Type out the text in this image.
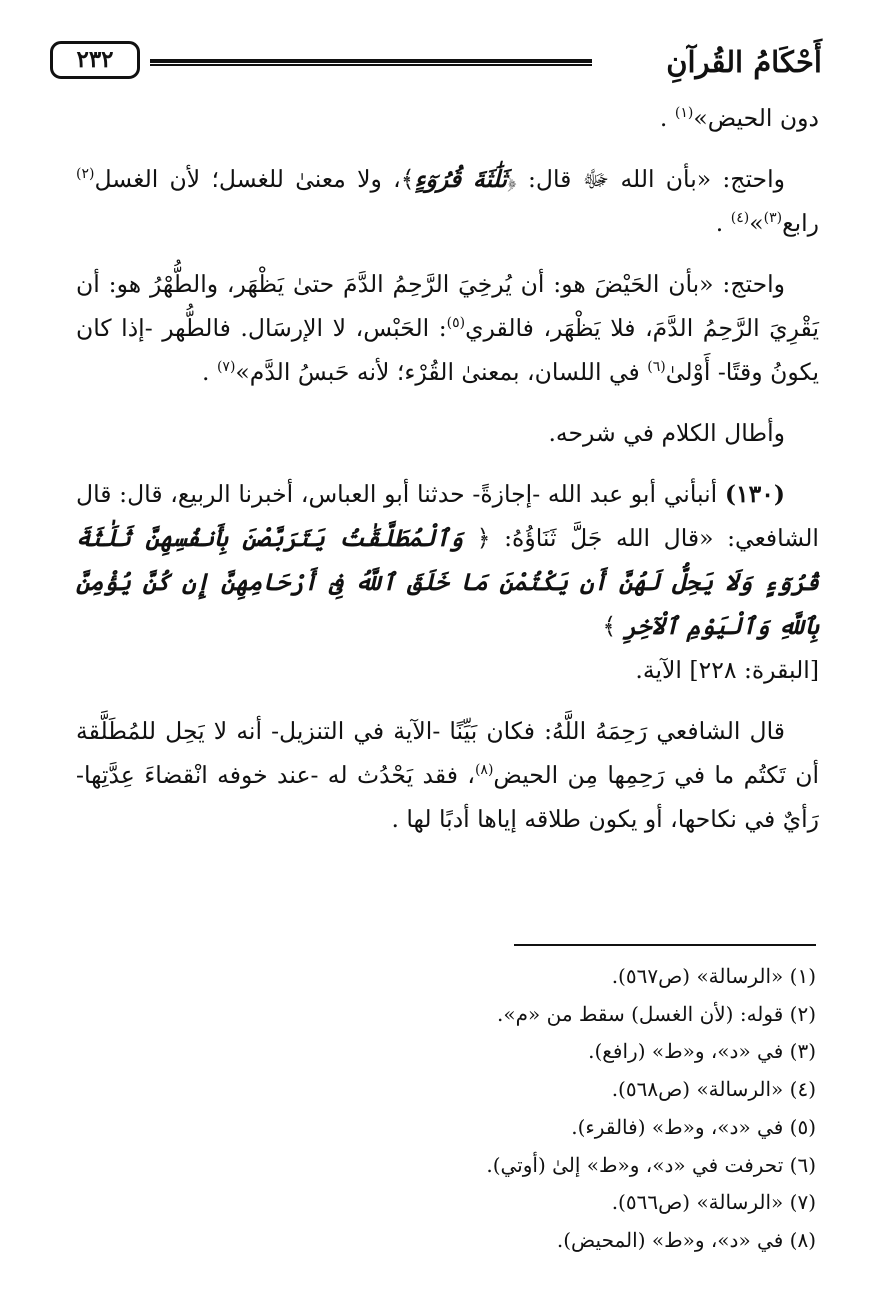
أَحْكَامُ القُرآنِ
٢٣٢

دون الحيض»$^{(١)}$ .

واحتج: «بأن الله ﷻ قال: ﴿ثَلَٰثَةَ قُرُوٓءٍ﴾، ولا معنىٰ للغسل؛ لأن الغسل$^{(٢)}$ رابع$^{(٣)}$»$^{(٤)}$ .

واحتج: «بأن الحَيْضَ هو: أن يُرخِيَ الرَّحِمُ الدَّمَ حتىٰ يَظْهَر، والطُّهْرُ هو: أن يَقْرِيَ الرَّحِمُ الدَّمَ، فلا يَظْهَر، فالقري$^{(٥)}$: الحَبْس، لا الإرسَال. فالطُّهر -إذا كان يكونُ وقتًا- أَوْلىٰ$^{(٦)}$ في اللسان، بمعنىٰ القُرْء؛ لأنه حَبسُ الدَّم»$^{(٧)}$ .

وأطال الكلام في شرحه.

(١٣٠) أنبأني أبو عبد الله -إجازةً- حدثنا أبو العباس، أخبرنا الربيع، قال: قال الشافعي: «قال الله جَلَّ ثَنَاؤُهُ: ﴿ وَٱلْمُطَلَّقَٰتُ يَتَرَبَّصْنَ بِأَنفُسِهِنَّ ثَلَٰثَةَ قُرُوٓءٍ وَلَا يَحِلُّ لَهُنَّ أَن يَكْتُمْنَ مَا خَلَقَ ٱللَّهُ فِىٓ أَرْحَامِهِنَّ إِن كُنَّ يُؤْمِنَّ بِٱللَّهِ وَٱلْيَوْمِ ٱلْآخِرِ ﴾

[البقرة: ٢٢٨] الآية.

قال الشافعي رَحِمَهُ اللَّهُ: فكان بَيِّنًا -الآية في التنزيل- أنه لا يَحِل للمُطَلَّقة أن تَكتُم ما في رَحِمِها مِن الحيض$^{(٨)}$، فقد يَحْدُث له -عند خوفه انْقضاءَ عِدَّتِها- رَأيٌ في نكاحها، أو يكون طلاقه إياها أدبًا لها .

(١) «الرسالة» (ص٥٦٧).

(٢) قوله: (لأن الغسل) سقط من «م».

(٣) في «د»، و«ط» (رافع).

(٤) «الرسالة» (ص٥٦٨).

(٥) في «د»، و«ط» (فالقرء).

(٦) تحرفت في «د»، و«ط» إلىٰ (أوتي).

(٧) «الرسالة» (ص٥٦٦).

(٨) في «د»، و«ط» (المحيض).
